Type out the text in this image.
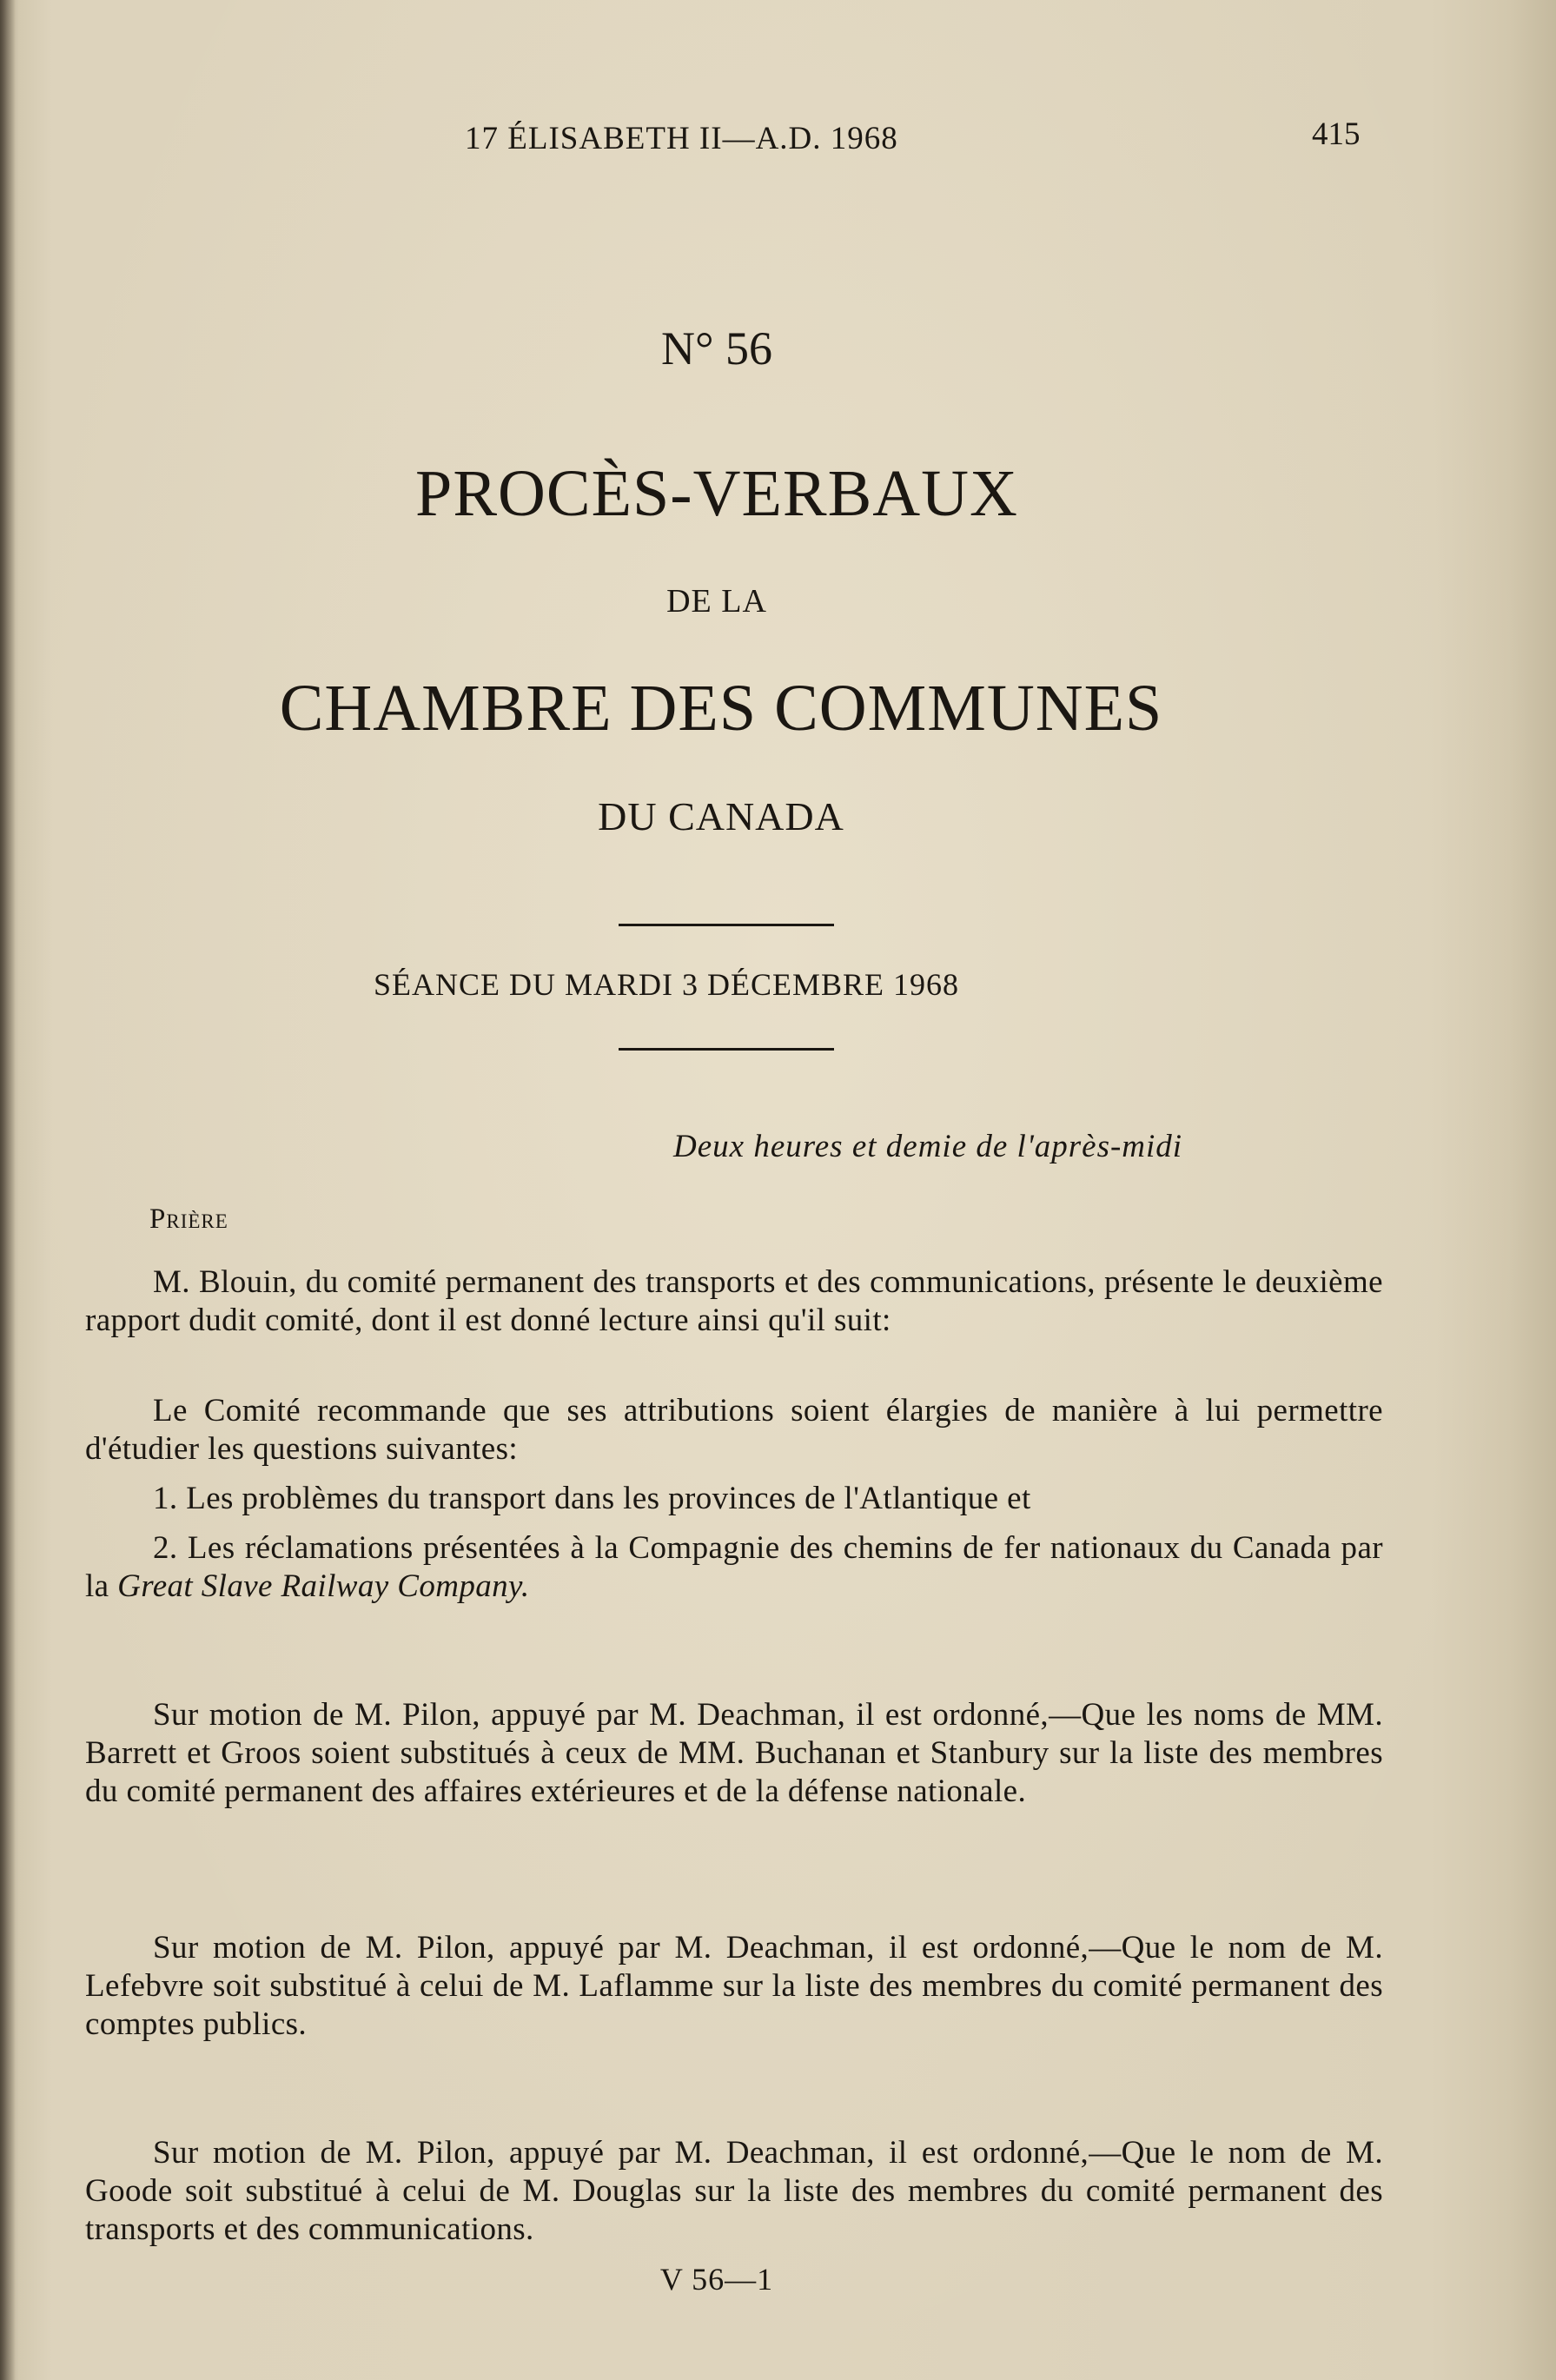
17 ÉLISABETH II—A.D. 1968	415

N° 56

PROCÈS-VERBAUX

DE LA

CHAMBRE DES COMMUNES

DU CANADA

SÉANCE DU MARDI 3 DÉCEMBRE 1968

Deux heures et demie de l'après-midi

Prière

M. Blouin, du comité permanent des transports et des communications, présente le deuxième rapport dudit comité, dont il est donné lecture ainsi qu'il suit:

Le Comité recommande que ses attributions soient élargies de manière à lui permettre d'étudier les questions suivantes:

1. Les problèmes du transport dans les provinces de l'Atlantique et

2. Les réclamations présentées à la Compagnie des chemins de fer nationaux du Canada par la Great Slave Railway Company.

Sur motion de M. Pilon, appuyé par M. Deachman, il est ordonné,—Que les noms de MM. Barrett et Groos soient substitués à ceux de MM. Buchanan et Stanbury sur la liste des membres du comité permanent des affaires extérieures et de la défense nationale.

Sur motion de M. Pilon, appuyé par M. Deachman, il est ordonné,—Que le nom de M. Lefebvre soit substitué à celui de M. Laflamme sur la liste des membres du comité permanent des comptes publics.

Sur motion de M. Pilon, appuyé par M. Deachman, il est ordonné,—Que le nom de M. Goode soit substitué à celui de M. Douglas sur la liste des membres du comité permanent des transports et des communications.

V 56—1
